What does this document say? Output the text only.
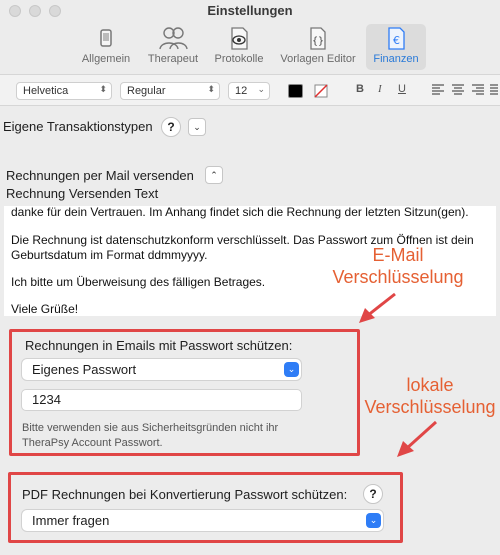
Einstellungen
Allgemein	Therapeut	Protokolle
{}
Vorlagen Editor
€
Finanzen
Helvetica	⬍	Regular	⬍	12 ⌄	B I U
Eigene Transaktionstypen	?	⌄
Rechnungen per Mail versenden	⌃
Rechnung Versenden Text

danke für dein Vertrauen. Im Anhang findet sich die Rechnung der letzten Sitzun(gen).

Die Rechnung ist datenschutzkonform verschlüsselt. Das Passwort zum Öffnen ist dein

Geburtsdatum im Format ddmmyyyy.

Ich bitte um Überweisung des fälligen Betrages.

Viele Grüße!

E-Mail
Verschlüsselung
Rechnungen in Emails mit Passwort schützen:
Eigenes Passwort	⌄
1234
Bitte verwenden sie aus Sicherheitsgründen nicht ihr
TheraPsy Account Passwort.
lokale
Verschlüsselung
PDF Rechnungen bei Konvertierung Passwort schützen:	?
Immer fragen	⌄
